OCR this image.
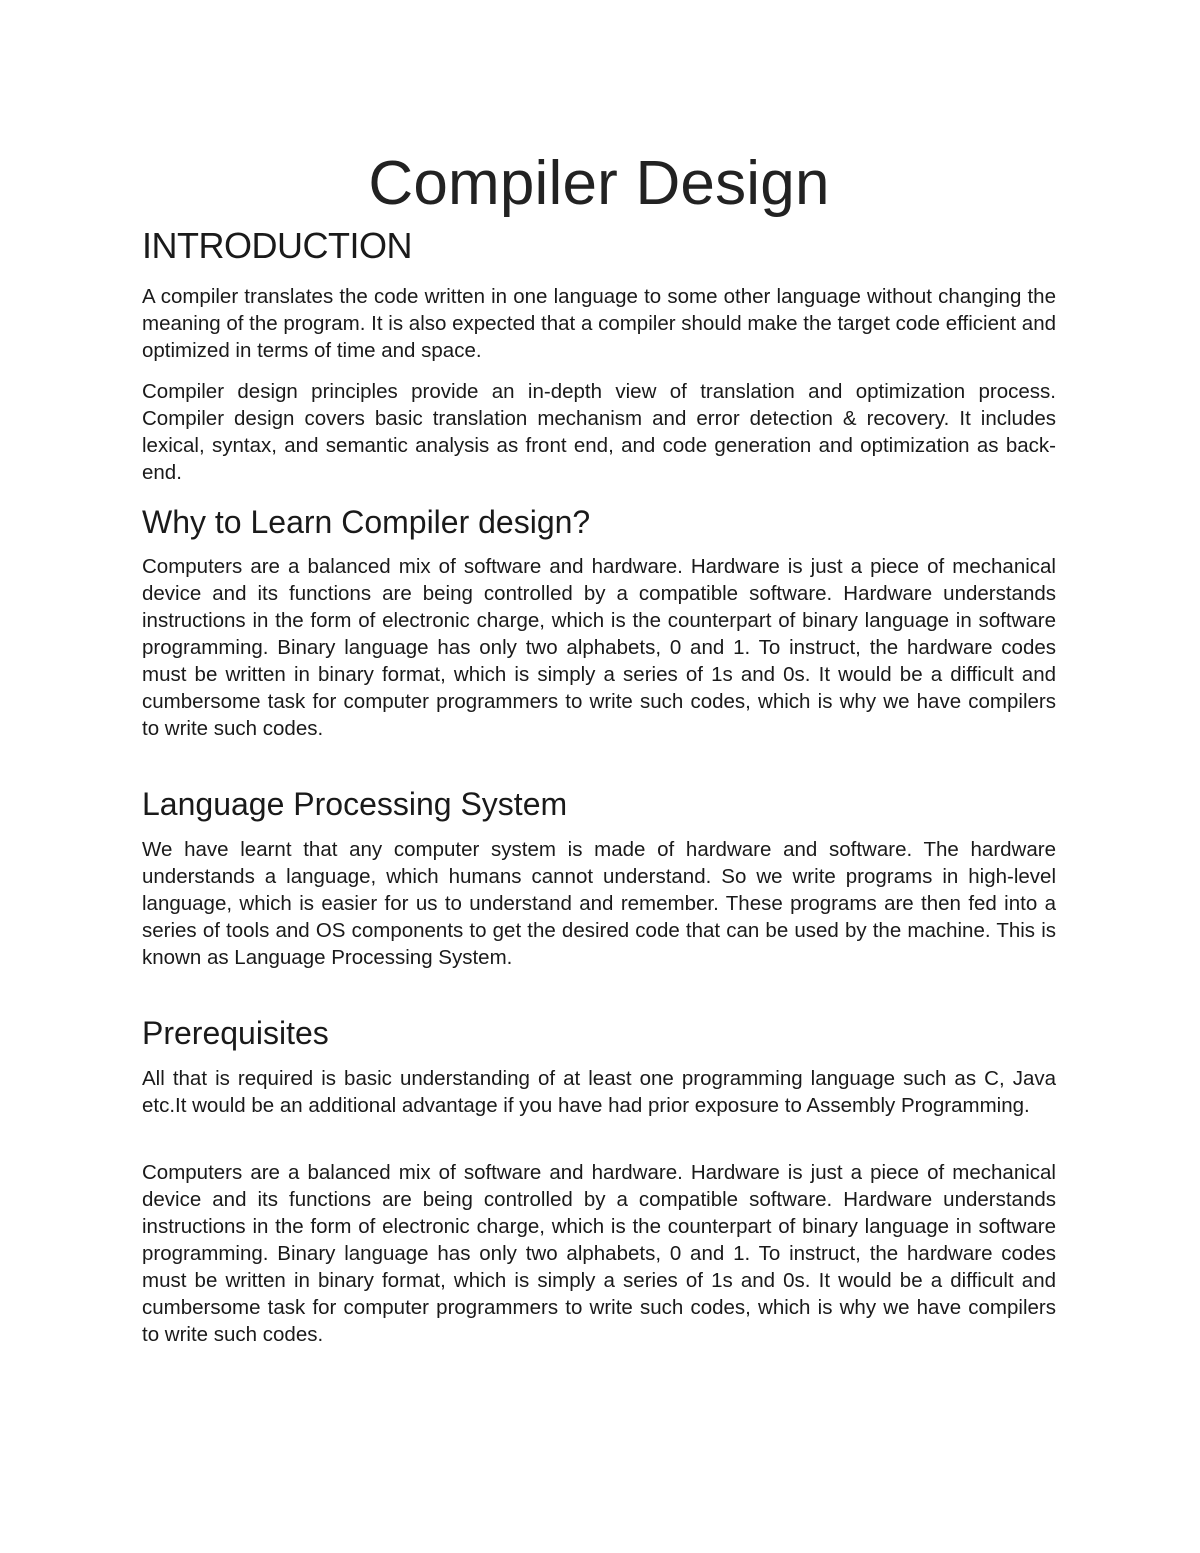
Compiler Design
INTRODUCTION

A compiler translates the code written in one language to some other language without changing the meaning of the program. It is also expected that a compiler should make the target code efficient and optimized in terms of time and space.

Compiler design principles provide an in-depth view of translation and optimization process. Compiler design covers basic translation mechanism and error detection & recovery. It includes lexical, syntax, and semantic analysis as front end, and code generation and optimization as back-end.

Why to Learn Compiler design?

Computers are a balanced mix of software and hardware. Hardware is just a piece of mechanical device and its functions are being controlled by a compatible software. Hardware understands instructions in the form of electronic charge, which is the counterpart of binary language in software programming. Binary language has only two alphabets, 0 and 1. To instruct, the hardware codes must be written in binary format, which is simply a series of 1s and 0s. It would be a difficult and cumbersome task for computer programmers to write such codes, which is why we have compilers to write such codes.

Language Processing System

We have learnt that any computer system is made of hardware and software. The hardware understands a language, which humans cannot understand. So we write programs in high-level language, which is easier for us to understand and remember. These programs are then fed into a series of tools and OS components to get the desired code that can be used by the machine. This is known as Language Processing System.

Prerequisites

All that is required is basic understanding of at least one programming language such as C, Java etc.It would be an additional advantage if you have had prior exposure to Assembly Programming.

Computers are a balanced mix of software and hardware. Hardware is just a piece of mechanical device and its functions are being controlled by a compatible software. Hardware understands instructions in the form of electronic charge, which is the counterpart of binary language in software programming. Binary language has only two alphabets, 0 and 1. To instruct, the hardware codes must be written in binary format, which is simply a series of 1s and 0s. It would be a difficult and cumbersome task for computer programmers to write such codes, which is why we have compilers to write such codes.
